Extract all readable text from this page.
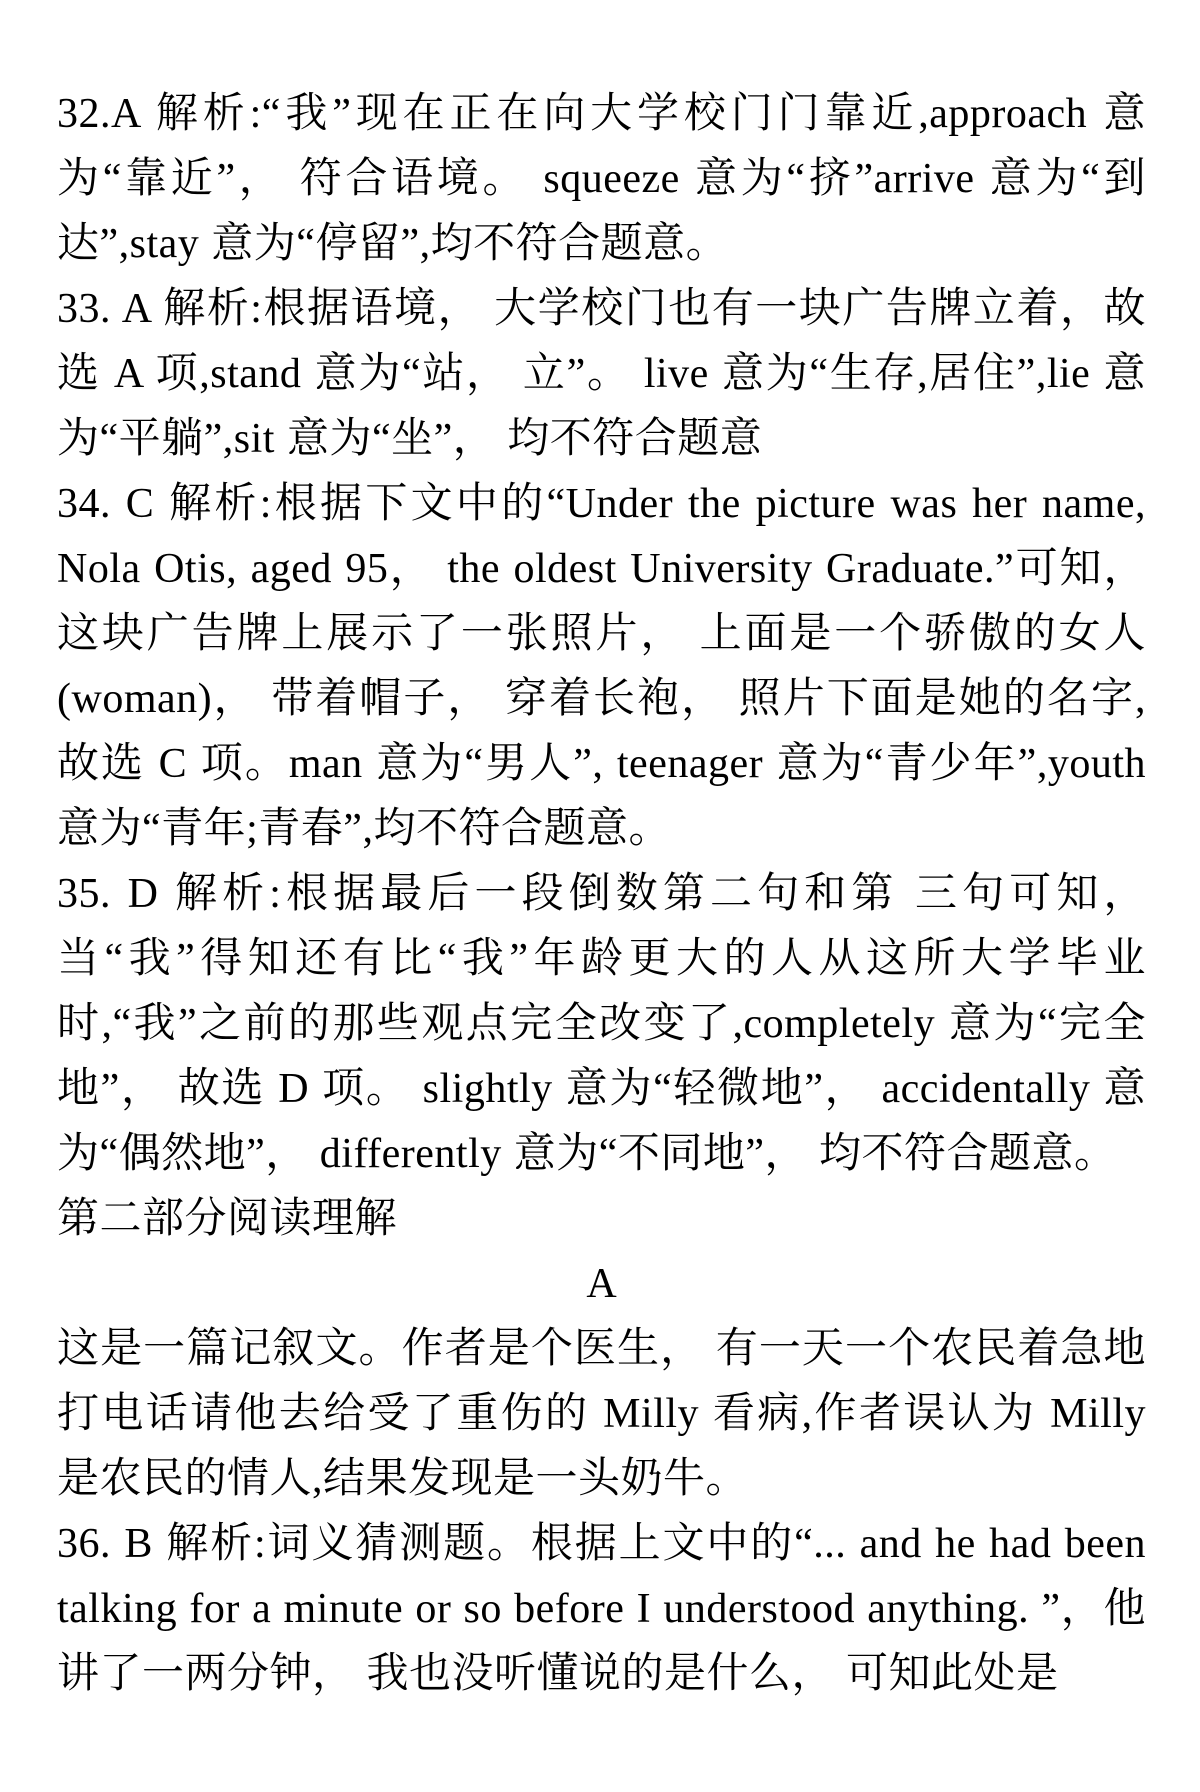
32.A 解析:“我”现在正在向大学校门门靠近,approach 意为“靠近”， 符合语境。 squeeze 意为“挤”arrive 意为“到达”,stay 意为“停留”,均不符合题意。

33. A 解析:根据语境， 大学校门也有一块广告牌立着，故选 A 项,stand 意为“站， 立”。 live 意为“生存,居住”,lie 意为“平躺”,sit 意为“坐”， 均不符合题意

34. C 解析:根据下文中的“Under the picture was her name, Nola Otis, aged 95， the oldest University Graduate.”可知，这块广告牌上展示了一张照片， 上面是一个骄傲的女人(woman)， 带着帽子， 穿着长袍， 照片下面是她的名字,故选 C 项。man 意为“男人”, teenager 意为“青少年”,youth 意为“青年;青春”,均不符合题意。

35. D 解析:根据最后一段倒数第二句和第 三句可知， 当“我”得知还有比“我”年龄更大的人从这所大学毕业时,“我”之前的那些观点完全改变了,completely 意为“完全地”， 故选 D 项。 slightly 意为“轻微地”， accidentally 意为“偶然地”， differently 意为“不同地”， 均不符合题意。

第二部分阅读理解

A

这是一篇记叙文。作者是个医生， 有一天一个农民着急地打电话请他去给受了重伤的 Milly 看病,作者误认为 Milly 是农民的情人,结果发现是一头奶牛。

36. B 解析:词义猜测题。根据上文中的“... and he had been talking for a minute or so before I understood anything. ”，他讲了一两分钟， 我也没听懂说的是什么， 可知此处是
